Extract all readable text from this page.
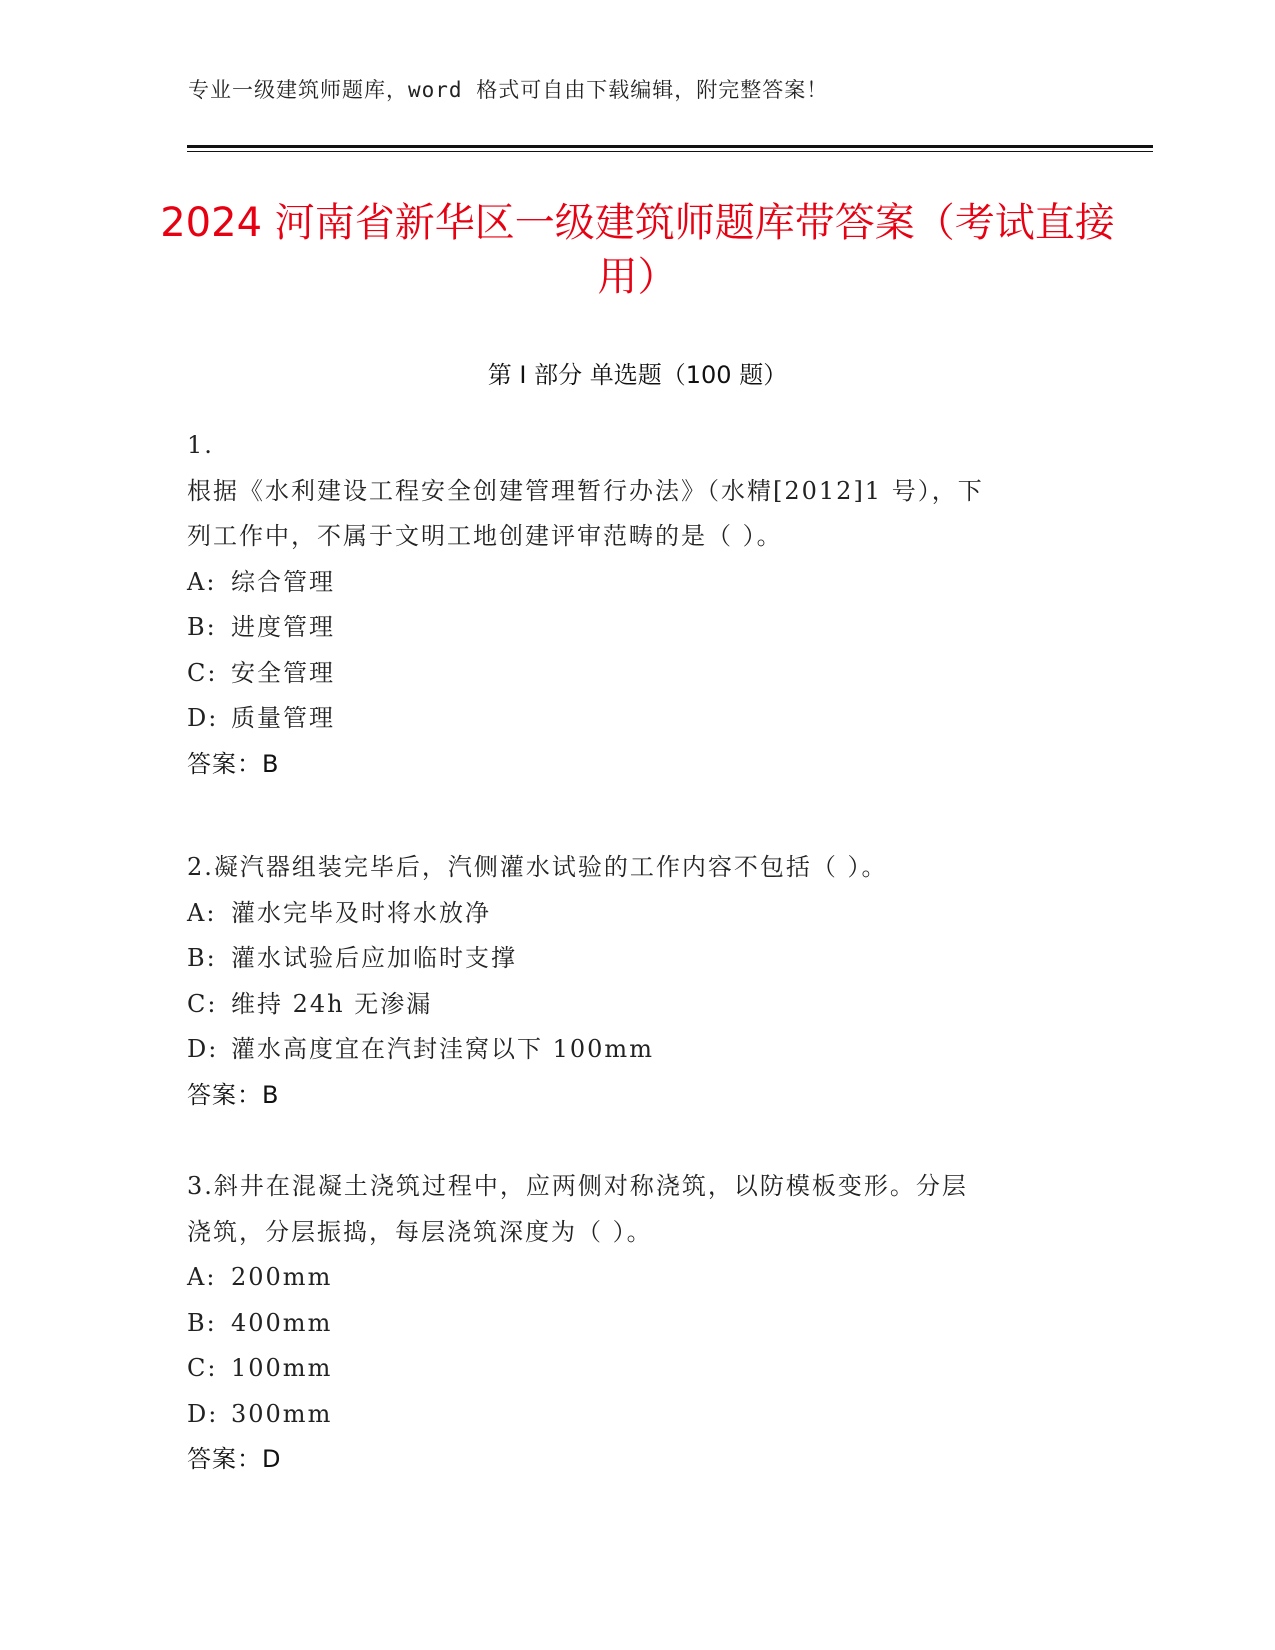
专业一级建筑师题库，word 格式可自由下载编辑，附完整答案！
2024 河南省新华区一级建筑师题库带答案（考试直接用）
第 I 部分 单选题（100 题）
1.
根据《水利建设工程安全创建管理暂行办法》（水精[2012]1 号），下
列工作中，不属于文明工地创建评审范畴的是（ ）。
A: 综合管理
B: 进度管理
C: 安全管理
D: 质量管理
答案：B
2.凝汽器组装完毕后，汽侧灌水试验的工作内容不包括（ ）。
A: 灌水完毕及时将水放净
B: 灌水试验后应加临时支撑
C: 维持 24h 无渗漏
D: 灌水高度宜在汽封洼窝以下 100mm
答案：B
3.斜井在混凝土浇筑过程中，应两侧对称浇筑，以防模板变形。分层
浇筑，分层振捣，每层浇筑深度为（ ）。
A: 200mm
B: 400mm
C: 100mm
D: 300mm
答案：D
